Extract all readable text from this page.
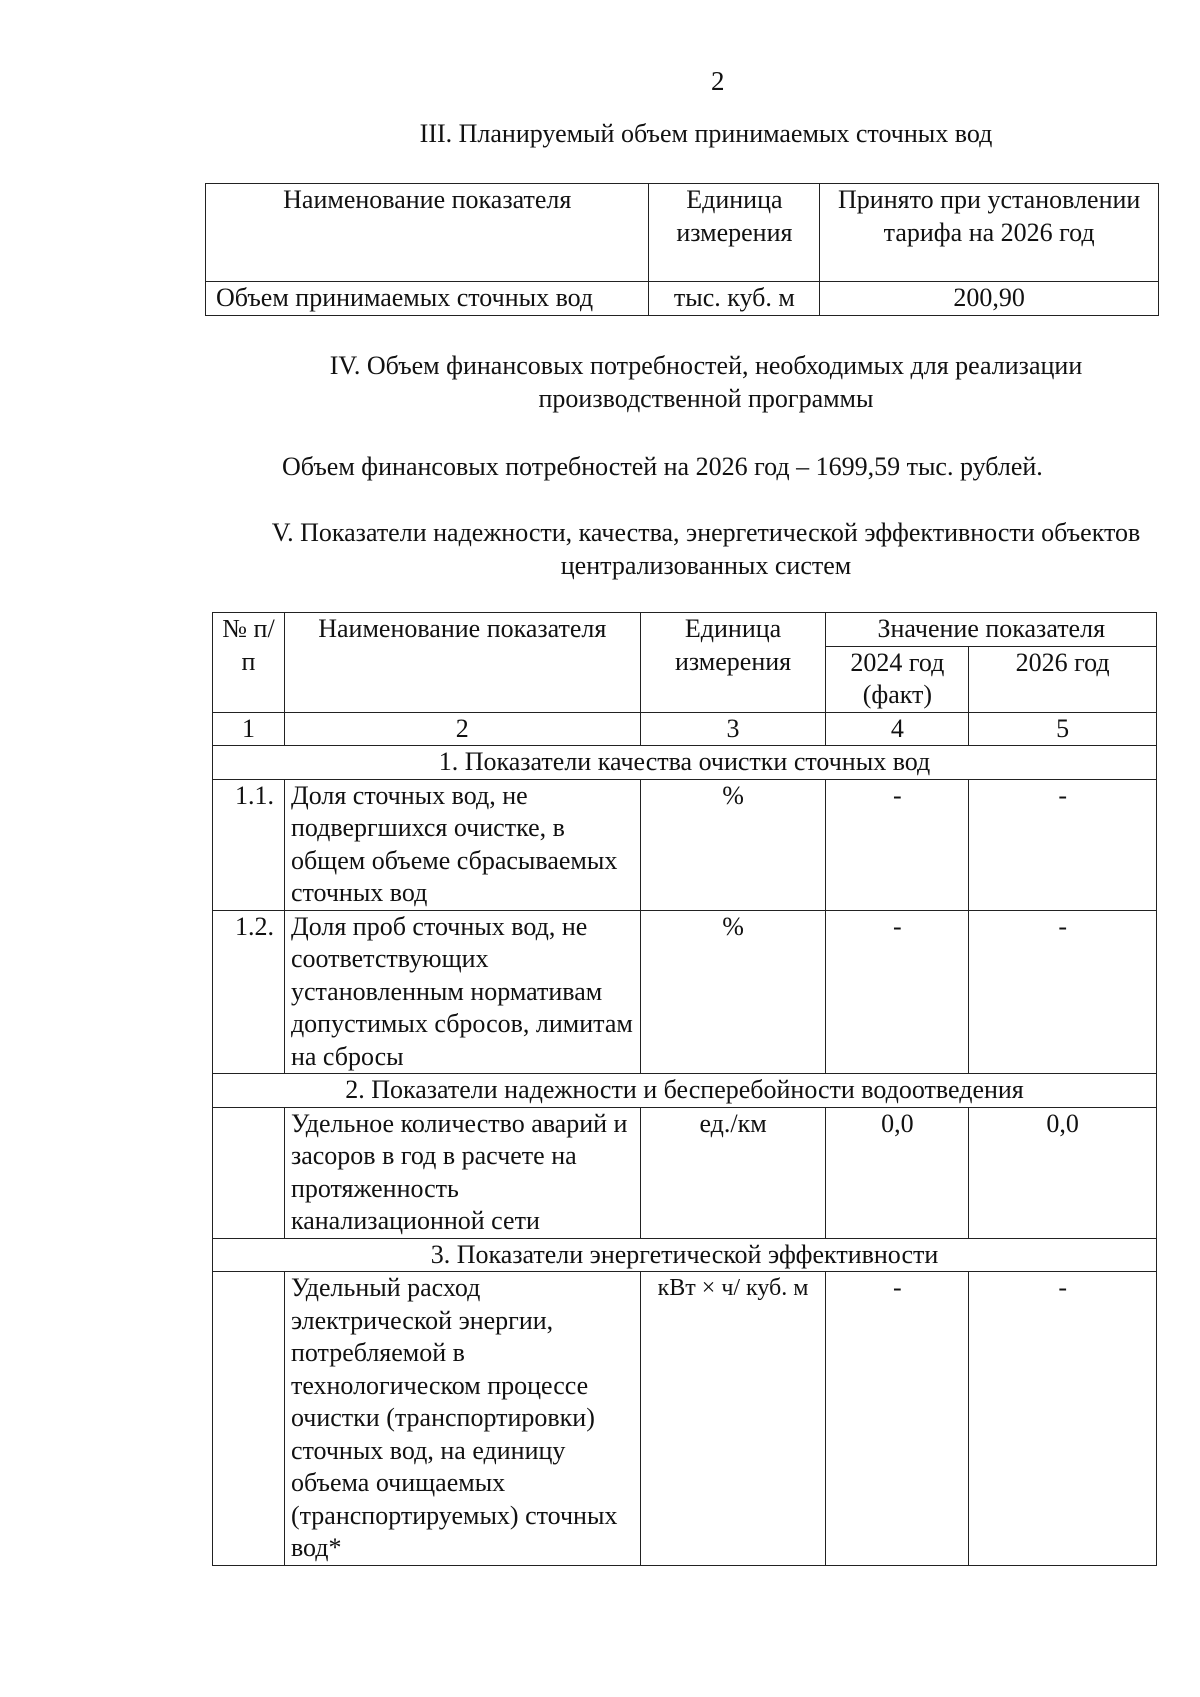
2
III. Планируемый объем принимаемых сточных вод
Наименование показателя	Единица измерения	Принято при установлении тарифа на 2026 год
Объем принимаемых сточных вод	тыс. куб. м	200,90
IV. Объем финансовых потребностей, необходимых для реализации производственной программы
Объем финансовых потребностей на 2026 год – 1699,59 тыс. рублей.
V. Показатели надежности, качества, энергетической эффективности объектов централизованных систем
№ п/п	Наименование показателя	Единица измерения	Значение показателя	
			2024 год (факт)	2026 год
1	2	3	4	5
1. Показатели качества очистки сточных вод				
1.1.	Доля сточных вод, не подвергшихся очистке, в общем объеме сбрасываемых сточных вод	%	-	-
1.2.	Доля проб сточных вод, не соответствующих установленным нормативам допустимых сбросов, лимитам на сбросы	%	-	-
2. Показатели надежности и бесперебойности водоотведения				
	Удельное количество аварий и засоров в год в расчете на протяженность канализационной сети	ед./км	0,0	0,0
3. Показатели энергетической эффективности				
	Удельный расход электрической энергии, потребляемой в технологическом процессе очистки (транспортировки) сточных вод, на единицу объема очищаемых (транспортируемых) сточных вод*	кВт × ч/ куб. м	-	-
